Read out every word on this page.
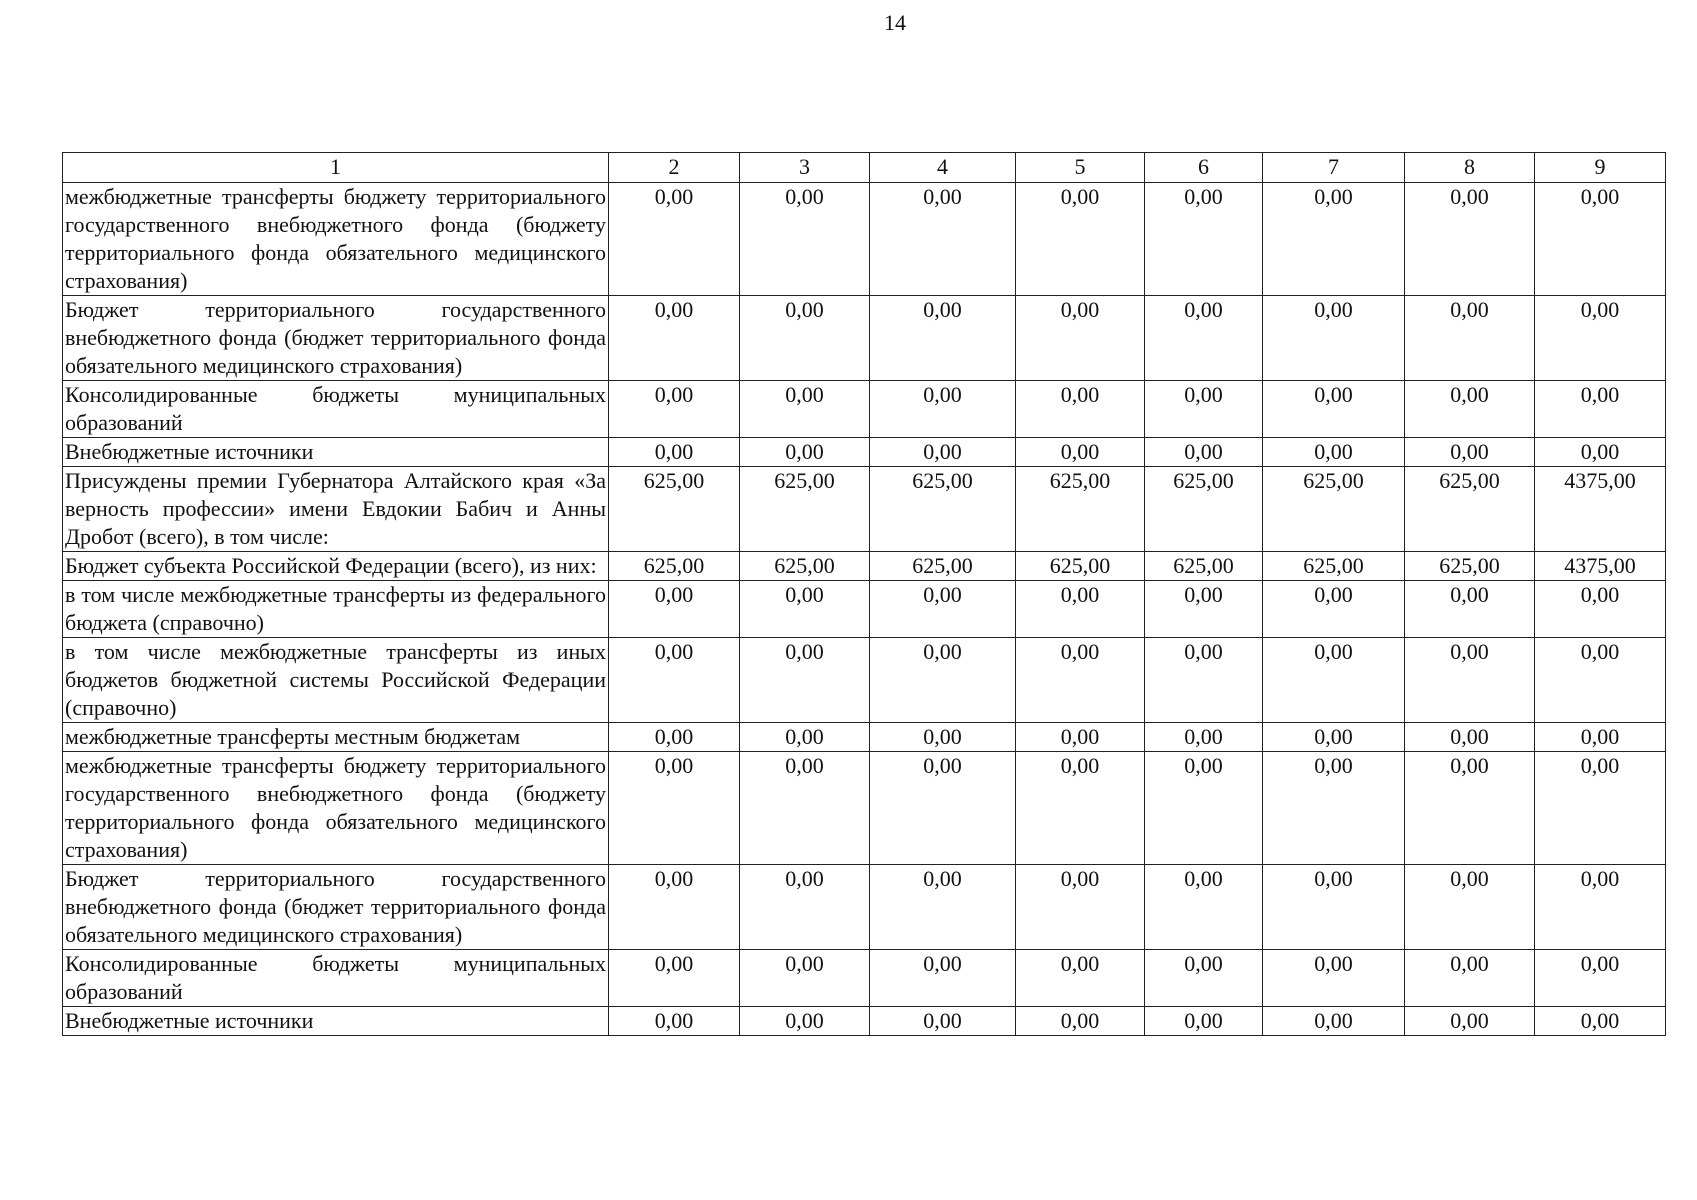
14
1	2	3	4	5	6	7	8	9
межбюджетные трансферты бюджету территориального государственного внебюджетного фонда (бюджету территориального фонда обязательного медицинского страхования)	0,00	0,00	0,00	0,00	0,00	0,00	0,00	0,00
Бюджет территориального государственного внебюджетного фонда (бюджет территориального фонда обязательного медицинского страхования)	0,00	0,00	0,00	0,00	0,00	0,00	0,00	0,00
Консолидированные бюджеты муниципальных образований	0,00	0,00	0,00	0,00	0,00	0,00	0,00	0,00
Внебюджетные источники	0,00	0,00	0,00	0,00	0,00	0,00	0,00	0,00
Присуждены премии Губернатора Алтайского края «За верность профессии» имени Евдокии Бабич и Анны Дробот (всего), в том числе:	625,00	625,00	625,00	625,00	625,00	625,00	625,00	4375,00
Бюджет субъекта Российской Федерации (всего), из них:	625,00	625,00	625,00	625,00	625,00	625,00	625,00	4375,00
в том числе межбюджетные трансферты из федерального бюджета (справочно)	0,00	0,00	0,00	0,00	0,00	0,00	0,00	0,00
в том числе межбюджетные трансферты из иных бюджетов бюджетной системы Российской Федерации (справочно)	0,00	0,00	0,00	0,00	0,00	0,00	0,00	0,00
межбюджетные трансферты местным бюджетам	0,00	0,00	0,00	0,00	0,00	0,00	0,00	0,00
межбюджетные трансферты бюджету территориального государственного внебюджетного фонда (бюджету территориального фонда обязательного медицинского страхования)	0,00	0,00	0,00	0,00	0,00	0,00	0,00	0,00
Бюджет территориального государственного внебюджетного фонда (бюджет территориального фонда обязательного медицинского страхования)	0,00	0,00	0,00	0,00	0,00	0,00	0,00	0,00
Консолидированные бюджеты муниципальных образований	0,00	0,00	0,00	0,00	0,00	0,00	0,00	0,00
Внебюджетные источники	0,00	0,00	0,00	0,00	0,00	0,00	0,00	0,00
